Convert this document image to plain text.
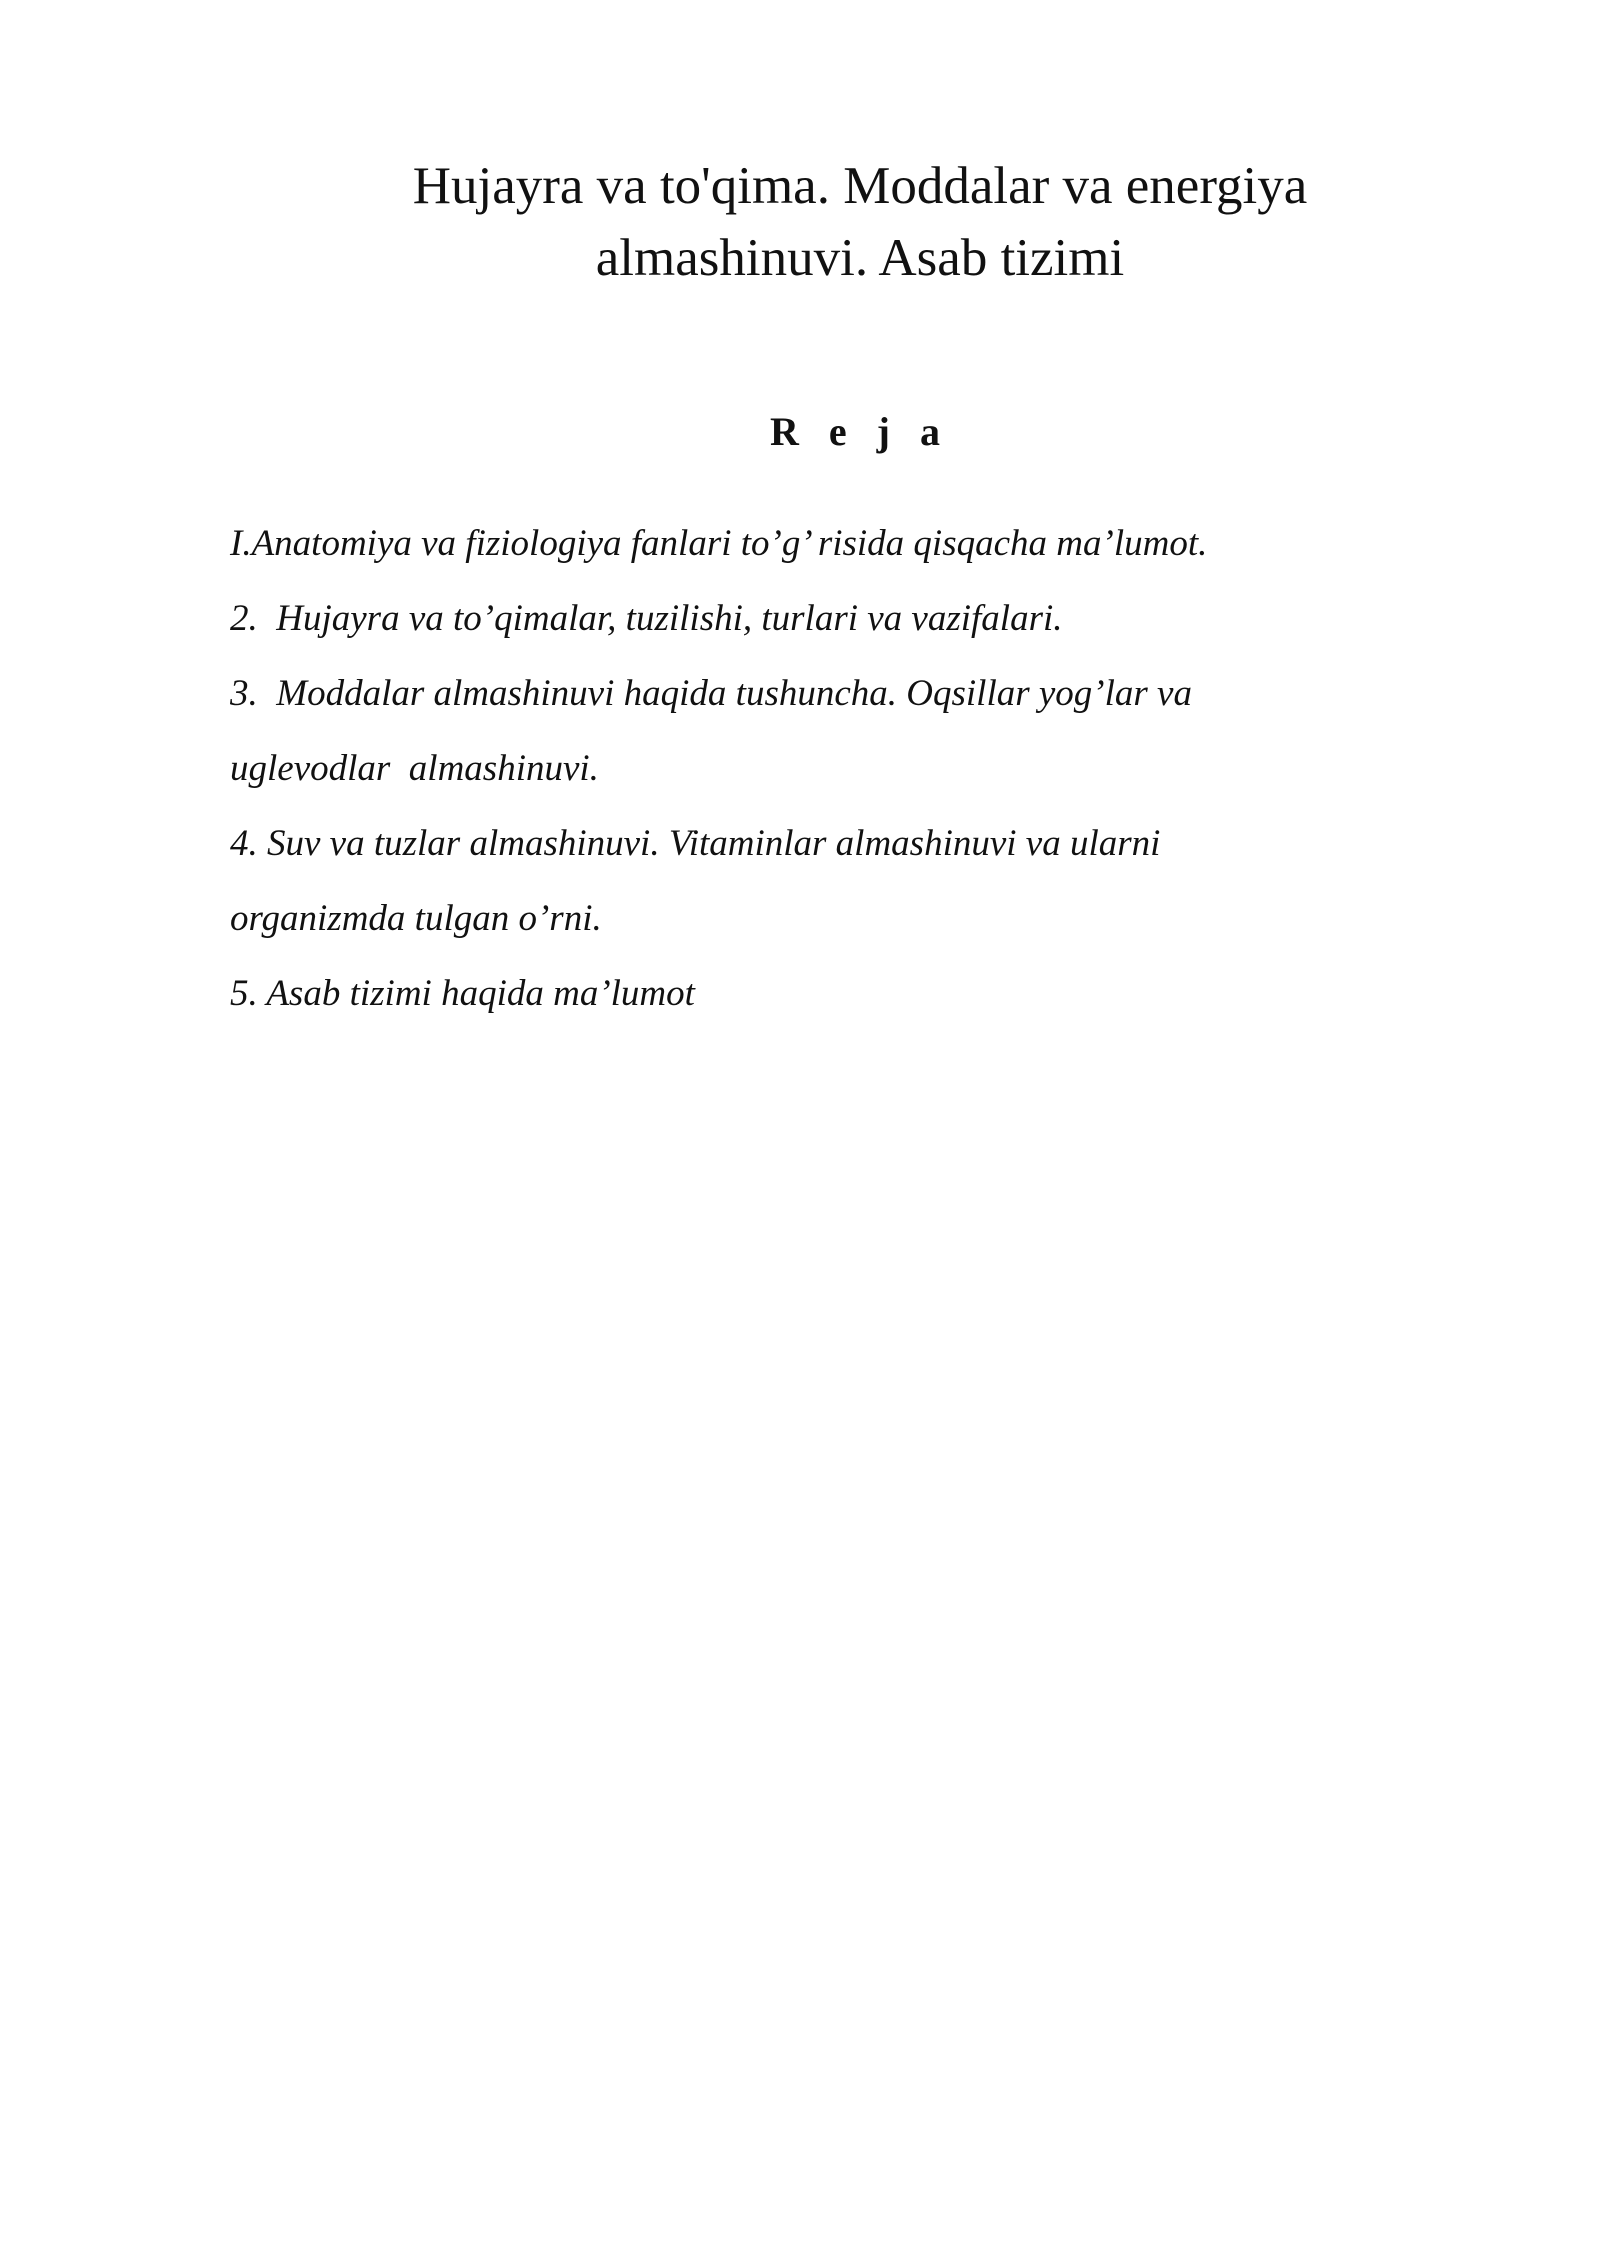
Hujayra va to'qima. Moddalar va energiya
almashinuvi. Asab tizimi
R e j a
I.Anatomiya va fiziologiya fanlari to’g’ risida qisqacha ma’lumot.
2.  Hujayra va to’qimalar, tuzilishi, turlari va vazifalari.
3.  Moddalar almashinuvi haqida tushuncha. Oqsillar yog’lar va
uglevodlar  almashinuvi.
4. Suv va tuzlar almashinuvi. Vitaminlar almashinuvi va ularni
organizmda tulgan o’rni.
5. Asab tizimi haqida ma’lumot
